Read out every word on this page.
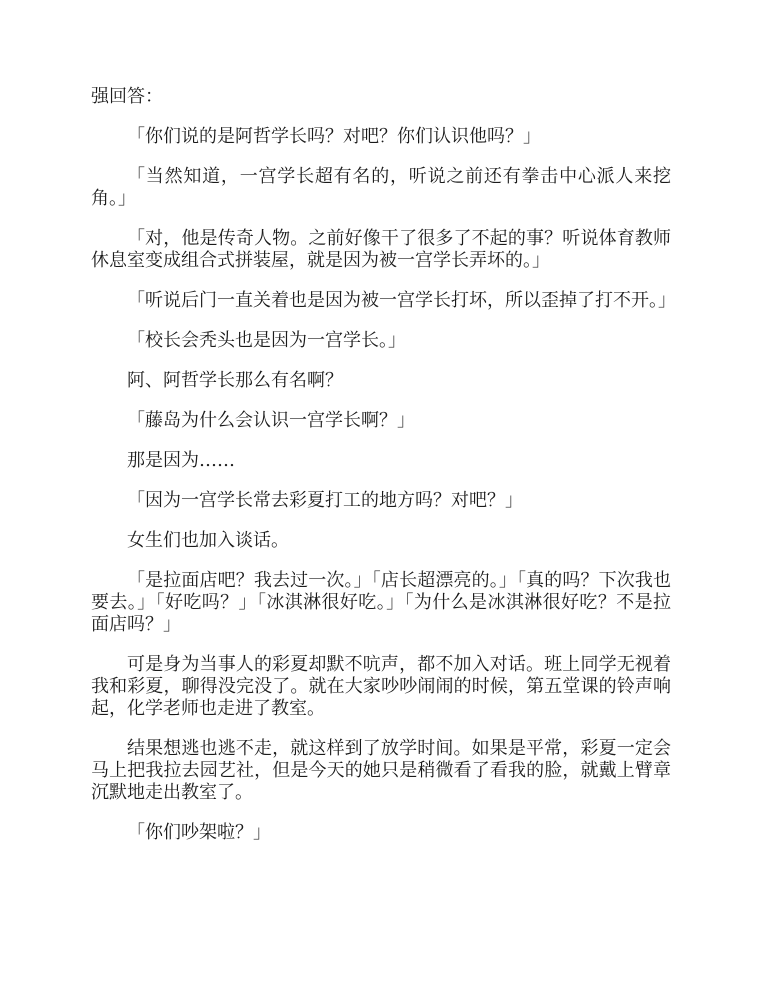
强回答：

「你们说的是阿哲学长吗？对吧？你们认识他吗？」

「当然知道，一宫学长超有名的，听说之前还有拳击中心派人来挖角。」

「对，他是传奇人物。之前好像干了很多了不起的事？听说体育教师休息室变成组合式拼装屋，就是因为被一宫学长弄坏的。」

「听说后门一直关着也是因为被一宫学长打坏，所以歪掉了打不开。」

「校长会秃头也是因为一宫学长。」

阿、阿哲学长那么有名啊？

「藤岛为什么会认识一宫学长啊？」

那是因为……

「因为一宫学长常去彩夏打工的地方吗？对吧？」

女生们也加入谈话。

「是拉面店吧？我去过一次。」「店长超漂亮的。」「真的吗？下次我也要去。」「好吃吗？」「冰淇淋很好吃。」「为什么是冰淇淋很好吃？不是拉面店吗？」

可是身为当事人的彩夏却默不吭声，都不加入对话。班上同学无视着我和彩夏，聊得没完没了。就在大家吵吵闹闹的时候，第五堂课的铃声响起，化学老师也走进了教室。

结果想逃也逃不走，就这样到了放学时间。如果是平常，彩夏一定会马上把我拉去园艺社，但是今天的她只是稍微看了看我的脸，就戴上臂章沉默地走出教室了。

「你们吵架啦？」
